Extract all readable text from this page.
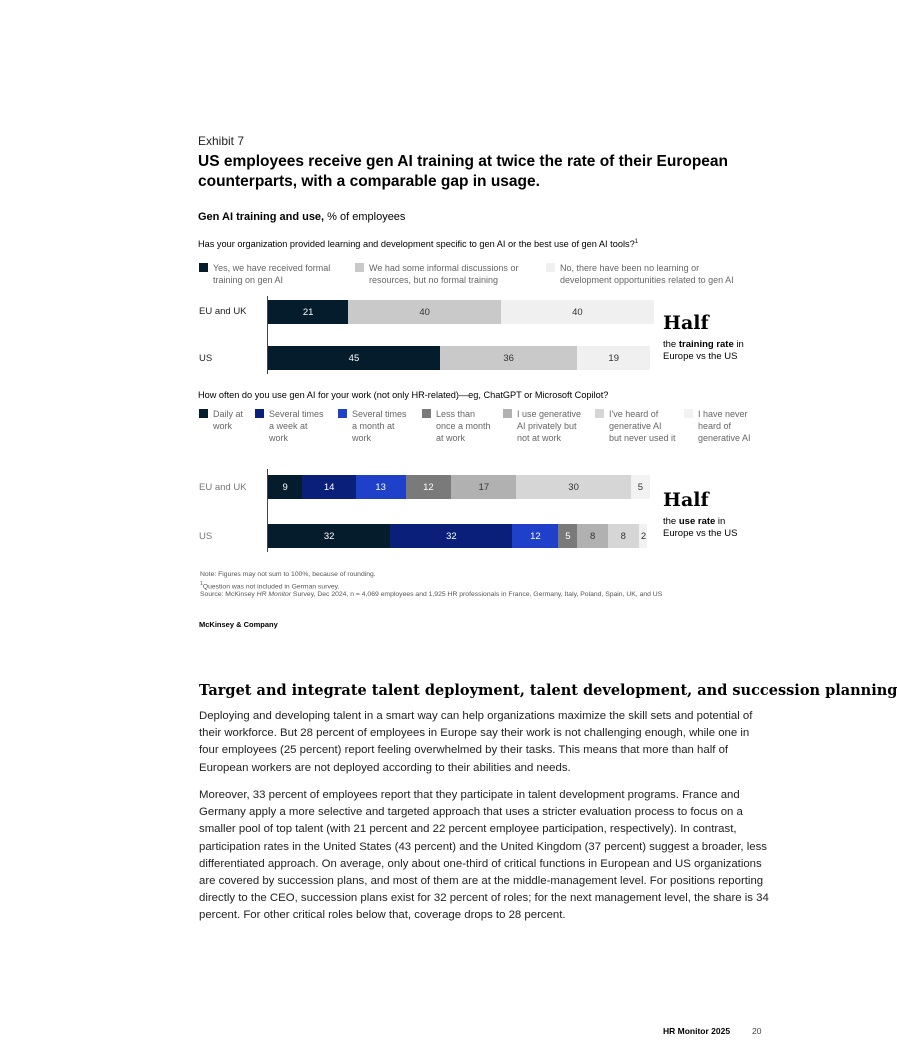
Exhibit 7
US employees receive gen AI training at twice the rate of their European counterparts, with a comparable gap in usage.
Gen AI training and use, % of employees
Has your organization provided learning and development specific to gen AI or the best use of gen AI tools?$^1$
Yes, we have received formal
training on gen AI
We had some informal discussions or
resources, but no formal training
No, there have been no learning or
development opportunities related to gen AI
EU and UK
US
21	40	40
45	36	19
Half
the training rate in
Europe vs the US
How often do you use gen AI for your work (not only HR-related)—eg, ChatGPT or Microsoft Copilot?
Daily at
work
Several times
a week at
work
Several times
a month at
work
Less than
once a month
at work
I use generative
AI privately but
not at work
I've heard of
generative AI
but never used it
I have never
heard of
generative AI
EU and UK
US
9	14	13	12	17	30	5
32	32	12	5	8	8	2
Half
the use rate in
Europe vs the US
Note: Figures may not sum to 100%, because of rounding.
$^1$Question was not included in German survey.
Source: McKinsey HR Monitor Survey, Dec 2024, n = 4,069 employees and 1,925 HR professionals in France, Germany, Italy, Poland, Spain, UK, and US
McKinsey & Company
Target and integrate talent deployment, talent development, and succession planning
Deploying and developing talent in a smart way can help organizations maximize the skill sets and potential of their workforce. But 28 percent of employees in Europe say their work is not challenging enough, while one in four employees (25 percent) report feeling overwhelmed by their tasks. This means that more than half of European workers are not deployed according to their abilities and needs.
Moreover, 33 percent of employees report that they participate in talent development programs. France and Germany apply a more selective and targeted approach that uses a stricter evaluation process to focus on a smaller pool of top talent (with 21 percent and 22 percent employee participation, respectively). In contrast, participation rates in the United States (43 percent) and the United Kingdom (37 percent) suggest a broader, less differentiated approach. On average, only about one-third of critical functions in European and US organizations are covered by succession plans, and most of them are at the middle-management level. For positions reporting directly to the CEO, succession plans exist for 32 percent of roles; for the next management level, the share is 34 percent. For other critical roles below that, coverage drops to 28 percent.
HR Monitor 2025	20
